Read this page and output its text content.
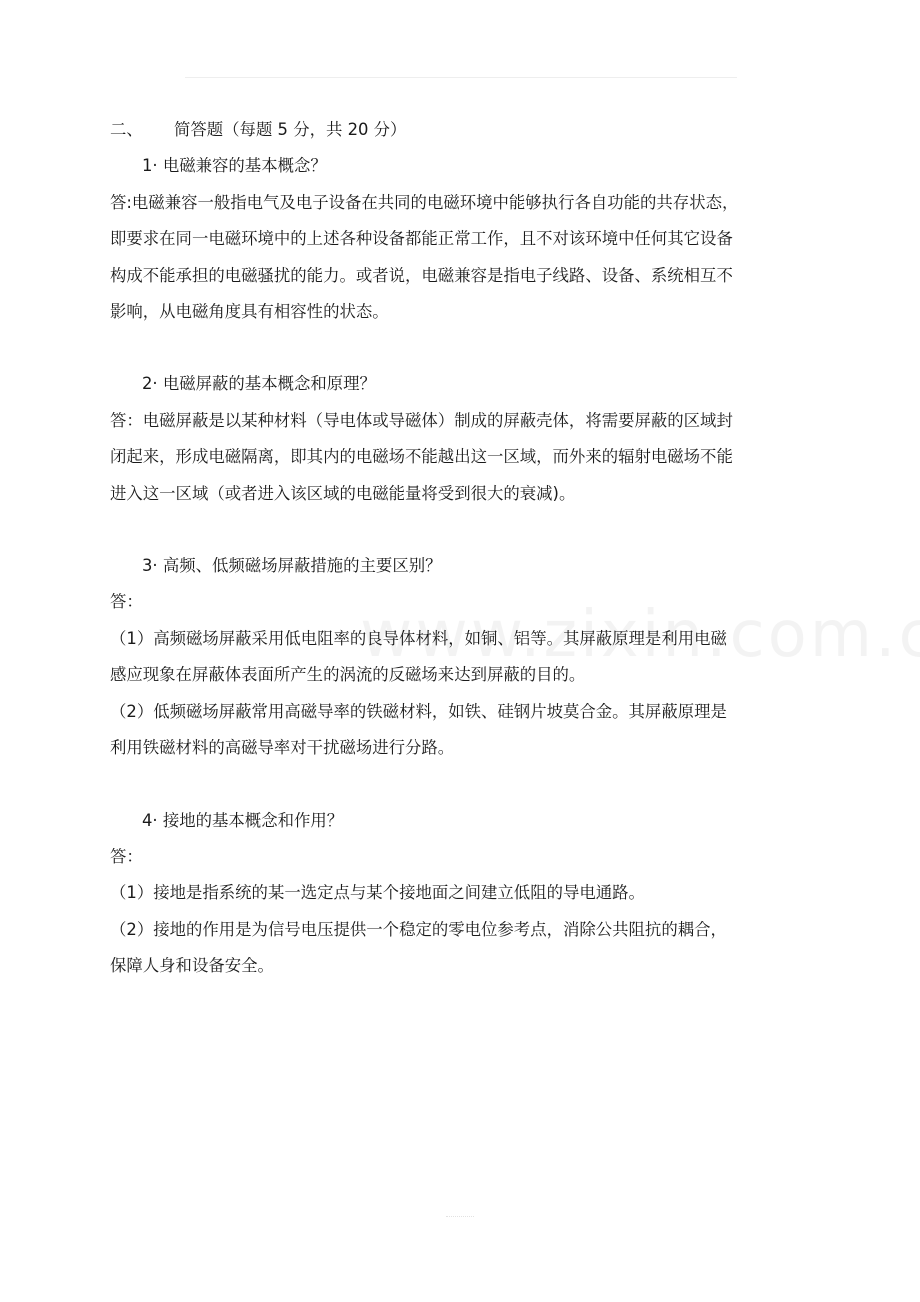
二、 简答题（每题 5 分，共 20 分）
1· 电磁兼容的基本概念？
答:电磁兼容一般指电气及电子设备在共同的电磁环境中能够执行各自功能的共存状态，
即要求在同一电磁环境中的上述各种设备都能正常工作，且不对该环境中任何其它设备
构成不能承担的电磁骚扰的能力。或者说，电磁兼容是指电子线路、设备、系统相互不
影响，从电磁角度具有相容性的状态。
2· 电磁屏蔽的基本概念和原理？
答：电磁屏蔽是以某种材料（导电体或导磁体）制成的屏蔽壳体，将需要屏蔽的区域封
闭起来，形成电磁隔离，即其内的电磁场不能越出这一区域，而外来的辐射电磁场不能
进入这一区域（或者进入该区域的电磁能量将受到很大的衰减)。
3· 高频、低频磁场屏蔽措施的主要区别？
答：
（1）高频磁场屏蔽采用低电阻率的良导体材料，如铜、铝等。其屏蔽原理是利用电磁
感应现象在屏蔽体表面所产生的涡流的反磁场来达到屏蔽的目的。
（2）低频磁场屏蔽常用高磁导率的铁磁材料，如铁、硅钢片坡莫合金。其屏蔽原理是
利用铁磁材料的高磁导率对干扰磁场进行分路。
4· 接地的基本概念和作用？
答：
（1）接地是指系统的某一选定点与某个接地面之间建立低阻的导电通路。
（2）接地的作用是为信号电压提供一个稳定的零电位参考点，消除公共阻抗的耦合，
保障人身和设备安全。
